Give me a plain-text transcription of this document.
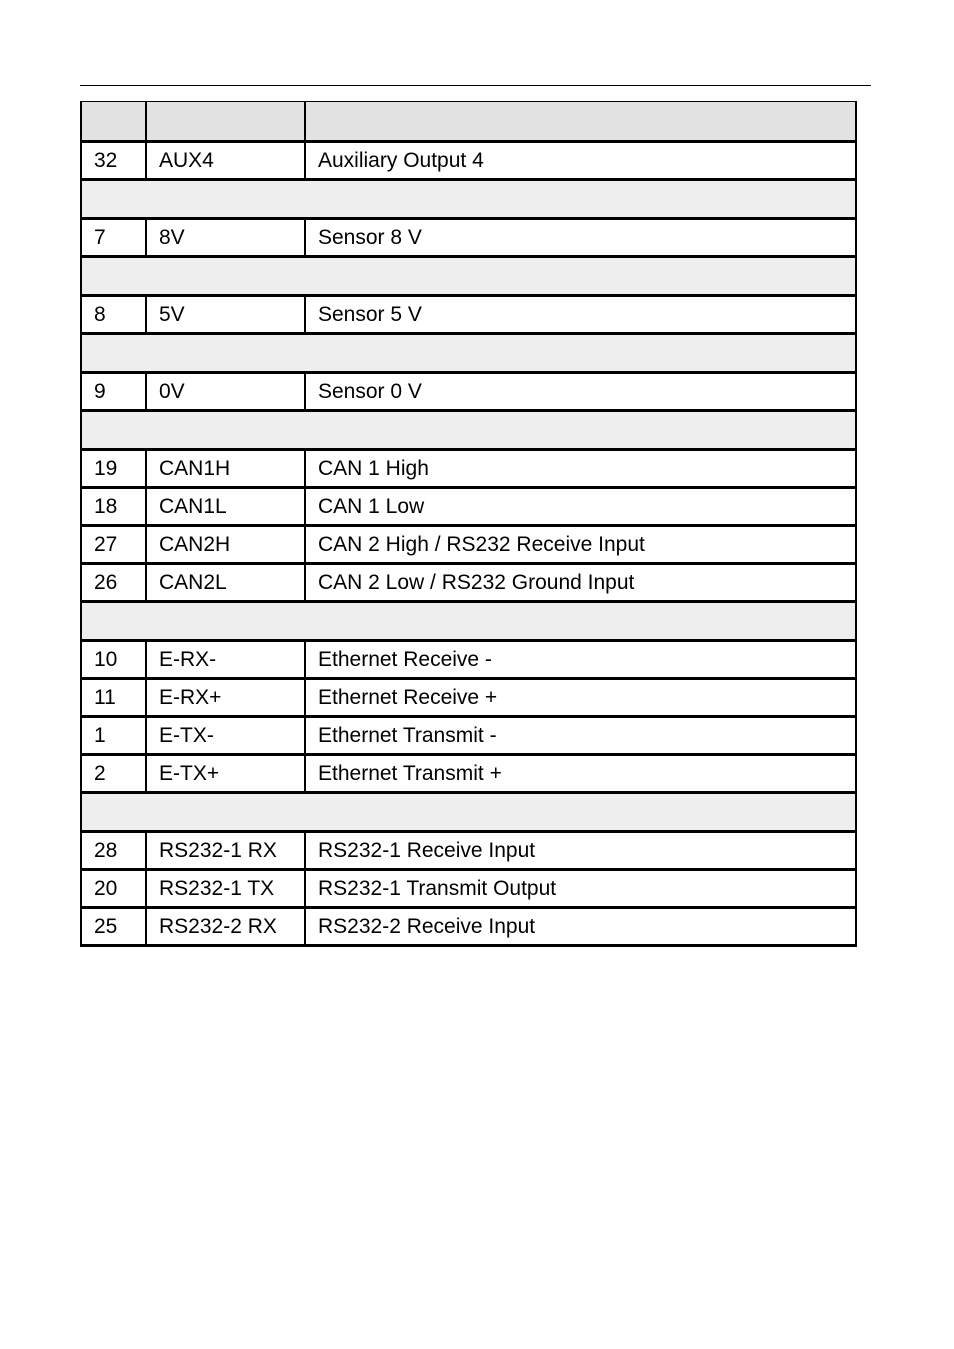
32	AUX4	Auxiliary Output 4

7	8V	Sensor 8 V

8	5V	Sensor 5 V

9	0V	Sensor 0 V

19	CAN1H	CAN 1 High
18	CAN1L	CAN 1 Low
27	CAN2H	CAN 2 High / RS232 Receive Input
26	CAN2L	CAN 2 Low / RS232 Ground Input

10	E-RX-	Ethernet Receive -
11	E-RX+	Ethernet Receive +
1	E-TX-	Ethernet Transmit -
2	E-TX+	Ethernet Transmit +

28	RS232-1 RX	RS232-1 Receive Input
20	RS232-1 TX	RS232-1 Transmit Output
25	RS232-2 RX	RS232-2 Receive Input
